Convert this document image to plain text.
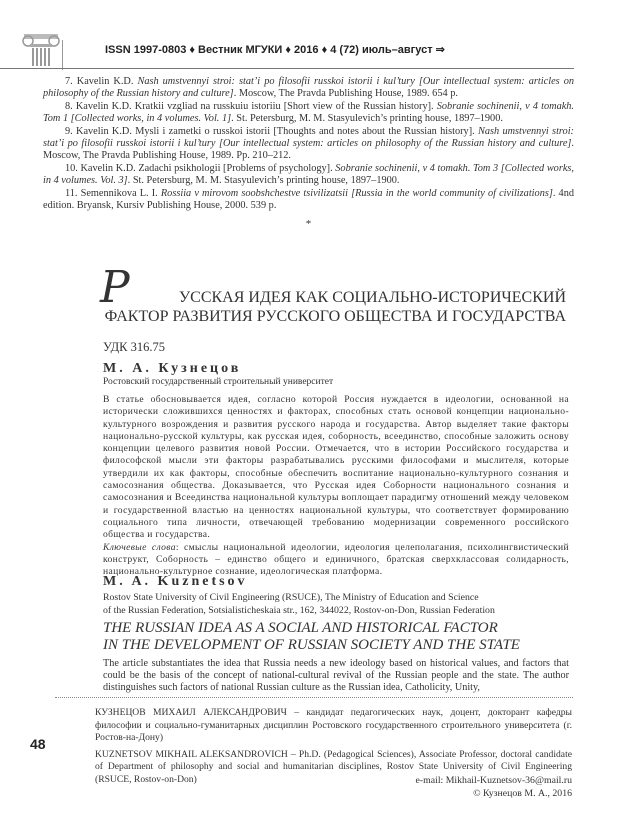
ISSN 1997-0803 ♦ Вестник МГУКИ ♦ 2016 ♦ 4 (72) июль–август ⇒

7. Kavelin K.D. Nash umstvennyi stroi: stat’i po filosofii russkoi istorii i kul’tury [Our intellectual system: articles on philosophy of the Russian history and culture]. Moscow, The Pravda Publishing House, 1989. 654 p.

8. Kavelin K.D. Kratkii vzgliad na russkuiu istoriiu [Short view of the Russian history]. Sobranie sochinenii, v 4 tomakh. Tom 1 [Collected works, in 4 volumes. Vol. 1]. St. Petersburg, M. M. Stasyulevich’s printing house, 1897–1900.

9. Kavelin K.D. Mysli i zametki o russkoi istorii [Thoughts and notes about the Russian history]. Nash umstvennyi stroi: stat’i po filosofii russkoi istorii i kul’tury [Our intellectual system: articles on philosophy of the Russian history and culture]. Moscow, The Pravda Publishing House, 1989. Pp. 210–212.

10. Kavelin K.D. Zadachi psikhologii [Problems of psychology]. Sobranie sochinenii, v 4 tomakh. Tom 3 [Collected works, in 4 volumes. Vol. 3]. St. Petersburg, M. M. Stasyulevich’s printing house, 1897–1900.

11. Semennikova L. I. Rossiia v mirovom soobshchestve tsivilizatsii [Russia in the world community of civilizations]. 4nd edition. Bryansk, Kursiv Publishing House, 2000. 539 p.

*
Р	УССКАЯ ИДЕЯ КАК СОЦИАЛЬНО-ИСТОРИЧЕСКИЙ
ФАКТОР РАЗВИТИЯ РУССКОГО ОБЩЕСТВА И ГОСУДАРСТВА
УДК 316.75
М. А. Кузнецов
Ростовский государственный строительный университет

В статье обосновывается идея, согласно которой Россия нуждается в идеологии, основанной на исторически сложившихся ценностях и факторах, способных стать основой концепции национально-культурного возрождения и развития русского народа и государства. Автор выделяет такие факторы национально-русской культуры, как русская идея, соборность, всеединство, способные заложить основу концепции целевого развития новой России. Отмечается, что в истории Российского государства и философской мысли эти факторы разрабатывались русскими философами и мыслителя, которые утвердили их как факторы, способные обеспечить воспитание национально-культурного сознания и самосознания общества. Доказывается, что Русская идея Соборности национального сознания и самосознания и Всеединства национальной культуры воплощает парадигму отношений между человеком и государственной властью на ценностях национальной культуры, что соответствует формированию социального типа личности, отвечающей требованию модернизации современного российского общества и государства.

Ключевые слова: смыслы национальной идеологии, идеология целеполагания, психолингвистический конструкт, Соборность – единство общего и единичного, братская сверхклассовая солидарность, национально-культурное сознание, идеологическая платформа.

M. A. Kuznetsov
Rostov State University of Civil Engineering (RSUCE), The Ministry of Education and Science
of the Russian Federation, Sotsialisticheskaia str., 162, 344022, Rostov-on-Don, Russian Federation
THE RUSSIAN IDEA AS A SOCIAL AND HISTORICAL FACTOR
IN THE DEVELOPMENT OF RUSSIAN SOCIETY AND THE STATE
The article substantiates the idea that Russia needs a new ideology based on historical values, and factors that could be the basis of the concept of national-cultural revival of the Russian people and the state. The author distinguishes such factors of national Russian culture as the Russian idea, Catholicity, Unity,

КУЗНЕЦОВ МИХАИЛ АЛЕКСАНДРОВИЧ – кандидат педагогических наук, доцент, докторант кафедры философии и социально-гуманитарных дисциплин Ростовского государственного строительного университета (г. Ростов-на-Дону)

KUZNETSOV MIKHAIL ALEKSANDROVICH – Ph.D. (Pedagogical Sciences), Associate Professor, doctoral candidate of Department of philosophy and social and humanitarian disciplines, Rostov State University of Civil Engineering (RSUCE, Rostov-on-Don)

48
e-mail: Mikhail-Kuznetsov-36@mail.ru
© Кузнецов М. А., 2016
